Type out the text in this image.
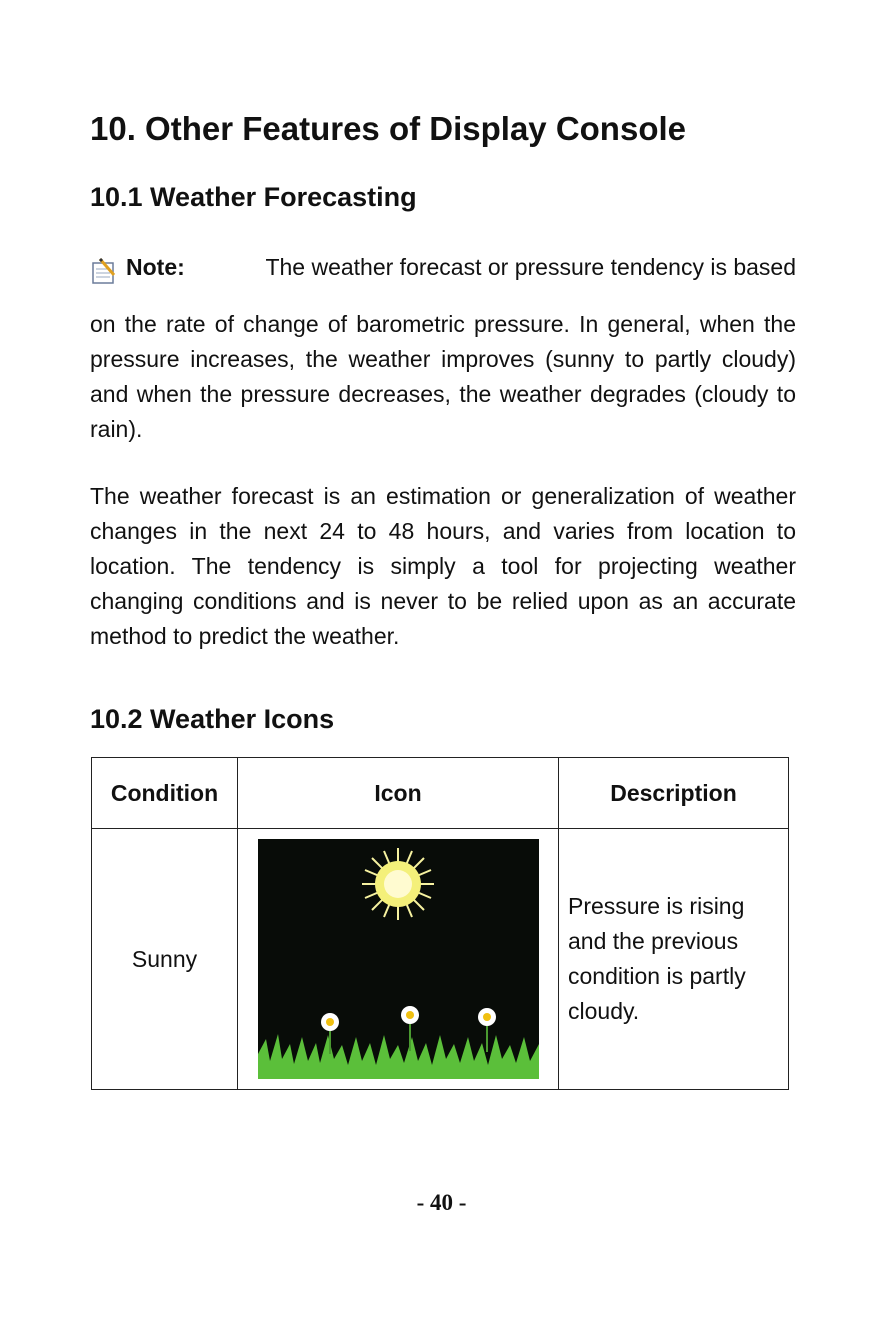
10. Other Features of Display Console
10.1 Weather Forecasting
Note:	The weather forecast or pressure tendency is based

on the rate of change of barometric pressure. In general, when the pressure increases, the weather improves (sunny to partly cloudy) and when the pressure decreases, the weather degrades (cloudy to rain).

The weather forecast is an estimation or generalization of weather changes in the next 24 to 48 hours, and varies from location to location. The tendency is simply a tool for projecting weather changing conditions and is never to be relied upon as an accurate method to predict the weather.

10.2 Weather Icons
Condition	Icon	Description
Sunny		Pressure is rising and the previous condition is partly cloudy.
- 40 -
